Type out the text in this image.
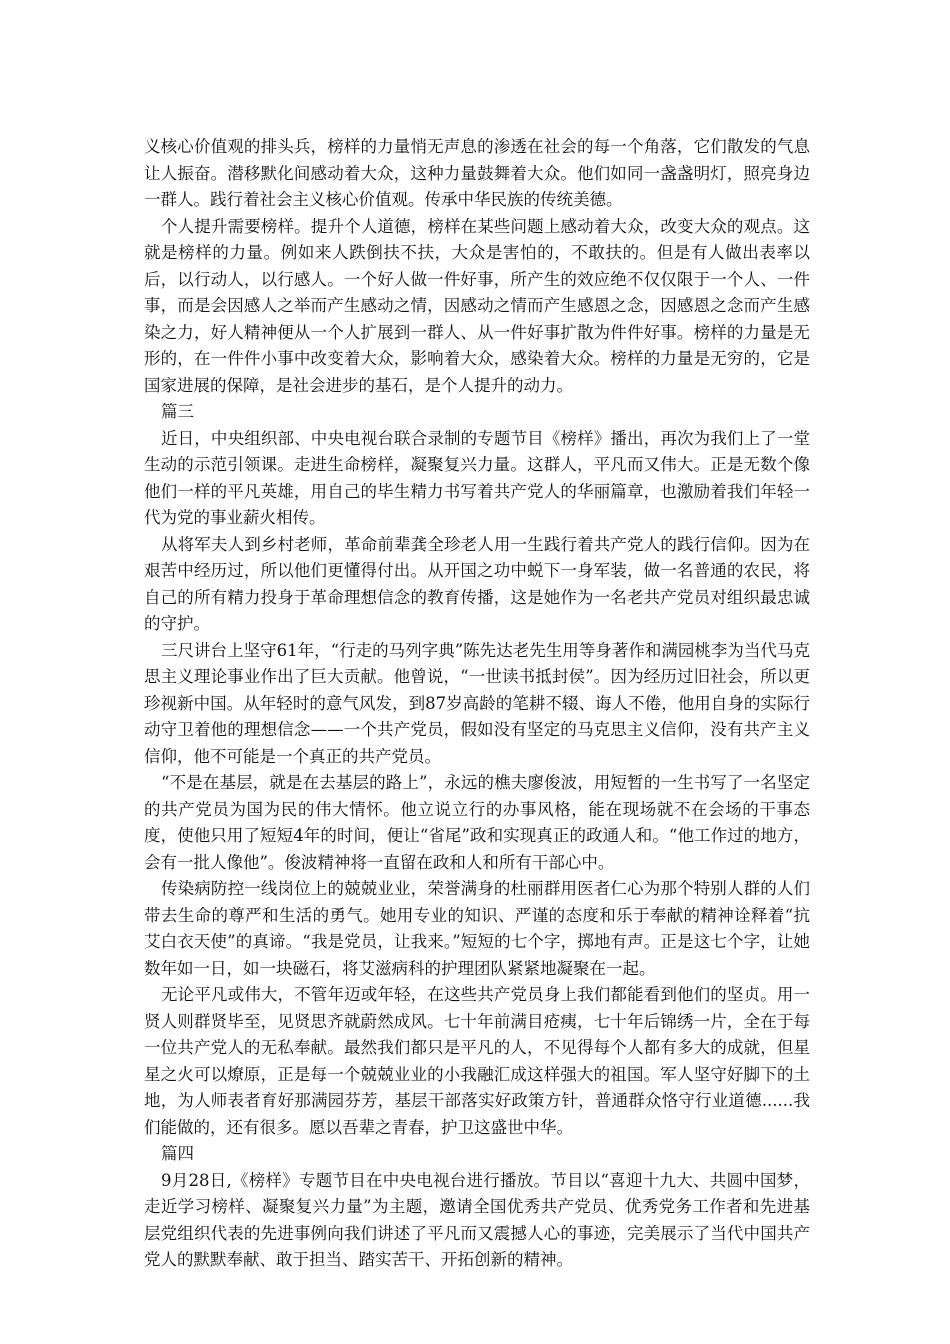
义核心价值观的排头兵，榜样的力量悄无声息的渗透在社会的每一个角落，它们散发的气息让人振奋。潜移默化间感动着大众，这种力量鼓舞着大众。他们如同一盏盏明灯，照亮身边一群人。践行着社会主义核心价值观。传承中华民族的传统美德。

个人提升需要榜样。提升个人道德，榜样在某些问题上感动着大众，改变大众的观点。这就是榜样的力量。例如来人跌倒扶不扶，大众是害怕的，不敢扶的。但是有人做出表率以后，以行动人，以行感人。一个好人做一件好事，所产生的效应绝不仅仅限于一个人、一件事，而是会因感人之举而产生感动之情，因感动之情而产生感恩之念，因感恩之念而产生感染之力，好人精神便从一个人扩展到一群人、从一件好事扩散为件件好事。榜样的力量是无形的，在一件件小事中改变着大众，影响着大众，感染着大众。榜样的力量是无穷的，它是国家进展的保障，是社会进步的基石，是个人提升的动力。

篇三

近日，中央组织部、中央电视台联合录制的专题节目《榜样》播出，再次为我们上了一堂生动的示范引领课。走进生命榜样，凝聚复兴力量。这群人，平凡而又伟大。正是无数个像他们一样的平凡英雄，用自己的毕生精力书写着共产党人的华丽篇章，也激励着我们年轻一代为党的事业薪火相传。

从将军夫人到乡村老师，革命前辈龚全珍老人用一生践行着共产党人的践行信仰。因为在艰苦中经历过，所以他们更懂得付出。从开国之功中蜕下一身军装，做一名普通的农民，将自己的所有精力投身于革命理想信念的教育传播，这是她作为一名老共产党员对组织最忠诚的守护。

三尺讲台上坚守61年，“行走的马列字典”陈先达老先生用等身著作和满园桃李为当代马克思主义理论事业作出了巨大贡献。他曾说，“一世读书抵封侯”。因为经历过旧社会，所以更珍视新中国。从年轻时的意气风发，到87岁高龄的笔耕不辍、诲人不倦，他用自身的实际行动守卫着他的理想信念——一个共产党员，假如没有坚定的马克思主义信仰，没有共产主义信仰，他不可能是一个真正的共产党员。

“不是在基层，就是在去基层的路上”，永远的樵夫廖俊波，用短暂的一生书写了一名坚定的共产党员为国为民的伟大情怀。他立说立行的办事风格，能在现场就不在会场的干事态度，使他只用了短短4年的时间，便让“省尾”政和实现真正的政通人和。“他工作过的地方，会有一批人像他”。俊波精神将一直留在政和人和所有干部心中。

传染病防控一线岗位上的兢兢业业，荣誉满身的杜丽群用医者仁心为那个特别人群的人们带去生命的尊严和生活的勇气。她用专业的知识、严谨的态度和乐于奉献的精神诠释着“抗艾白衣天使”的真谛。“我是党员，让我来。”短短的七个字，掷地有声。正是这七个字，让她数年如一日，如一块磁石，将艾滋病科的护理团队紧紧地凝聚在一起。

无论平凡或伟大，不管年迈或年轻，在这些共产党员身上我们都能看到他们的坚贞。用一贤人则群贤毕至，见贤思齐就蔚然成风。七十年前满目疮痍，七十年后锦绣一片，全在于每一位共产党人的无私奉献。最然我们都只是平凡的人，不见得每个人都有多大的成就，但星星之火可以燎原，正是每一个兢兢业业的小我融汇成这样强大的祖国。军人坚守好脚下的土地，为人师表者育好那满园芬芳，基层干部落实好政策方针，普通群众恪守行业道德......我们能做的，还有很多。愿以吾辈之青春，护卫这盛世中华。

篇四

9月28日,《榜样》专题节目在中央电视台进行播放。节目以“喜迎十九大、共圆中国梦，走近学习榜样、凝聚复兴力量”为主题，邀请全国优秀共产党员、优秀党务工作者和先进基层党组织代表的先进事例向我们讲述了平凡而又震撼人心的事迹，完美展示了当代中国共产党人的默默奉献、敢于担当、踏实苦干、开拓创新的精神。
